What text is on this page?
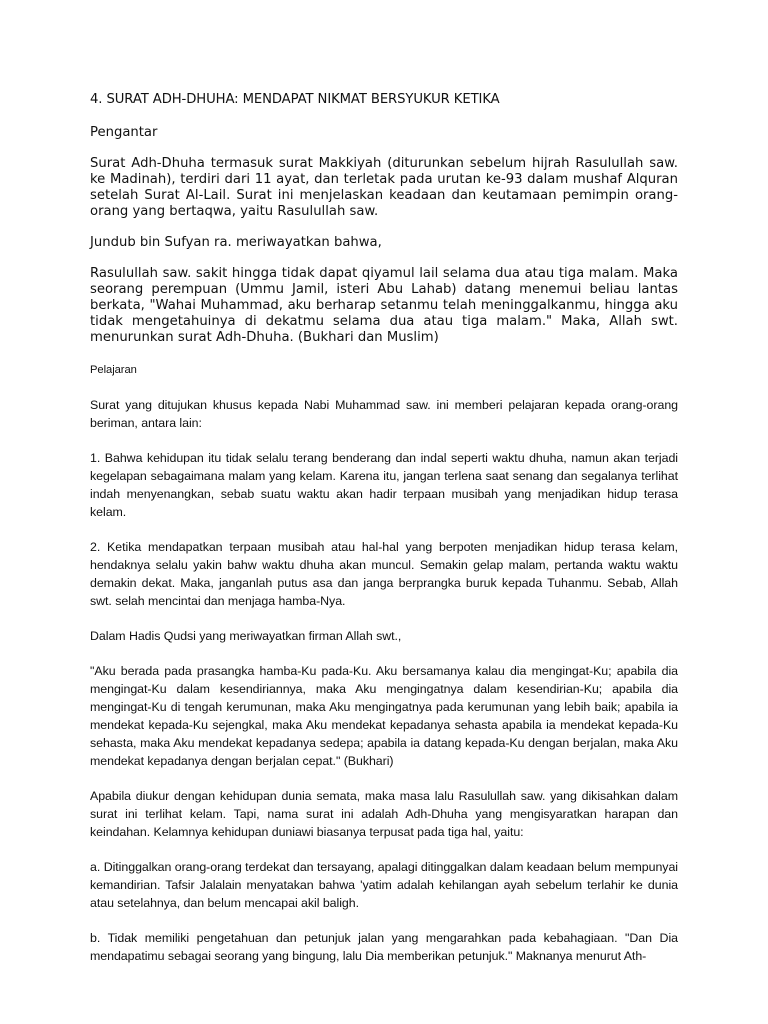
4. SURAT ADH-DHUHA: MENDAPAT NIKMAT BERSYUKUR KETIKA

Pengantar

Surat Adh-Dhuha termasuk surat Makkiyah (diturunkan sebelum hijrah Rasulullah saw. ke Madinah), terdiri dari 11 ayat, dan terletak pada urutan ke-93 dalam mushaf Alquran setelah Surat Al-Lail. Surat ini menjelaskan keadaan dan keutamaan pemimpin orang-orang yang bertaqwa, yaitu Rasulullah saw.

Jundub bin Sufyan ra. meriwayatkan bahwa,

Rasulullah saw. sakit hingga tidak dapat qiyamul lail selama dua atau tiga malam. Maka seorang perempuan (Ummu Jamil, isteri Abu Lahab) datang menemui beliau lantas berkata, "Wahai Muhammad, aku berharap setanmu telah meninggalkanmu, hingga aku tidak mengetahuinya di dekatmu selama dua atau tiga malam." Maka, Allah swt. menurunkan surat Adh-Dhuha. (Bukhari dan Muslim)

Pelajaran

Surat yang ditujukan khusus kepada Nabi Muhammad saw. ini memberi pelajaran kepada orang-orang beriman, antara lain:

1. Bahwa kehidupan itu tidak selalu terang benderang dan indal seperti waktu dhuha, namun akan terjadi kegelapan sebagaimana malam yang kelam. Karena itu, jangan terlena saat senang dan segalanya terlihat indah menyenangkan, sebab suatu waktu akan hadir terpaan musibah yang menjadikan hidup terasa kelam.

2. Ketika mendapatkan terpaan musibah atau hal-hal yang berpoten menjadikan hidup terasa kelam, hendaknya selalu yakin bahw waktu dhuha akan muncul. Semakin gelap malam, pertanda waktu waktu demakin dekat. Maka, janganlah putus asa dan janga berprangka buruk kepada Tuhanmu. Sebab, Allah swt. selah mencintai dan menjaga hamba-Nya.

Dalam Hadis Qudsi yang meriwayatkan firman Allah swt.,

"Aku berada pada prasangka hamba-Ku pada-Ku. Aku bersamanya kalau dia mengingat-Ku; apabila dia mengingat-Ku dalam kesendiriannya, maka Aku mengingatnya dalam kesendirian-Ku; apabila dia mengingat-Ku di tengah kerumunan, maka Aku mengingatnya pada kerumunan yang lebih baik; apabila ia mendekat kepada-Ku sejengkal, maka Aku mendekat kepadanya sehasta apabila ia mendekat kepada-Ku sehasta, maka Aku mendekat kepadanya sedepa; apabila ia datang kepada-Ku dengan berjalan, maka Aku mendekat kepadanya dengan berjalan cepat." (Bukhari)

Apabila diukur dengan kehidupan dunia semata, maka masa lalu Rasulullah saw. yang dikisahkan dalam surat ini terlihat kelam. Tapi, nama surat ini adalah Adh-Dhuha yang mengisyaratkan harapan dan keindahan. Kelamnya kehidupan duniawi biasanya terpusat pada tiga hal, yaitu:

a. Ditinggalkan orang-orang terdekat dan tersayang, apalagi ditinggalkan dalam keadaan belum mempunyai kemandirian. Tafsir Jalalain menyatakan bahwa 'yatim adalah kehilangan ayah sebelum terlahir ke dunia atau setelahnya, dan belum mencapai akil baligh.

b. Tidak memiliki pengetahuan dan petunjuk jalan yang mengarahkan pada kebahagiaan. "Dan Dia mendapatimu sebagai seorang yang bingung, lalu Dia memberikan petunjuk." Maknanya menurut Ath-
